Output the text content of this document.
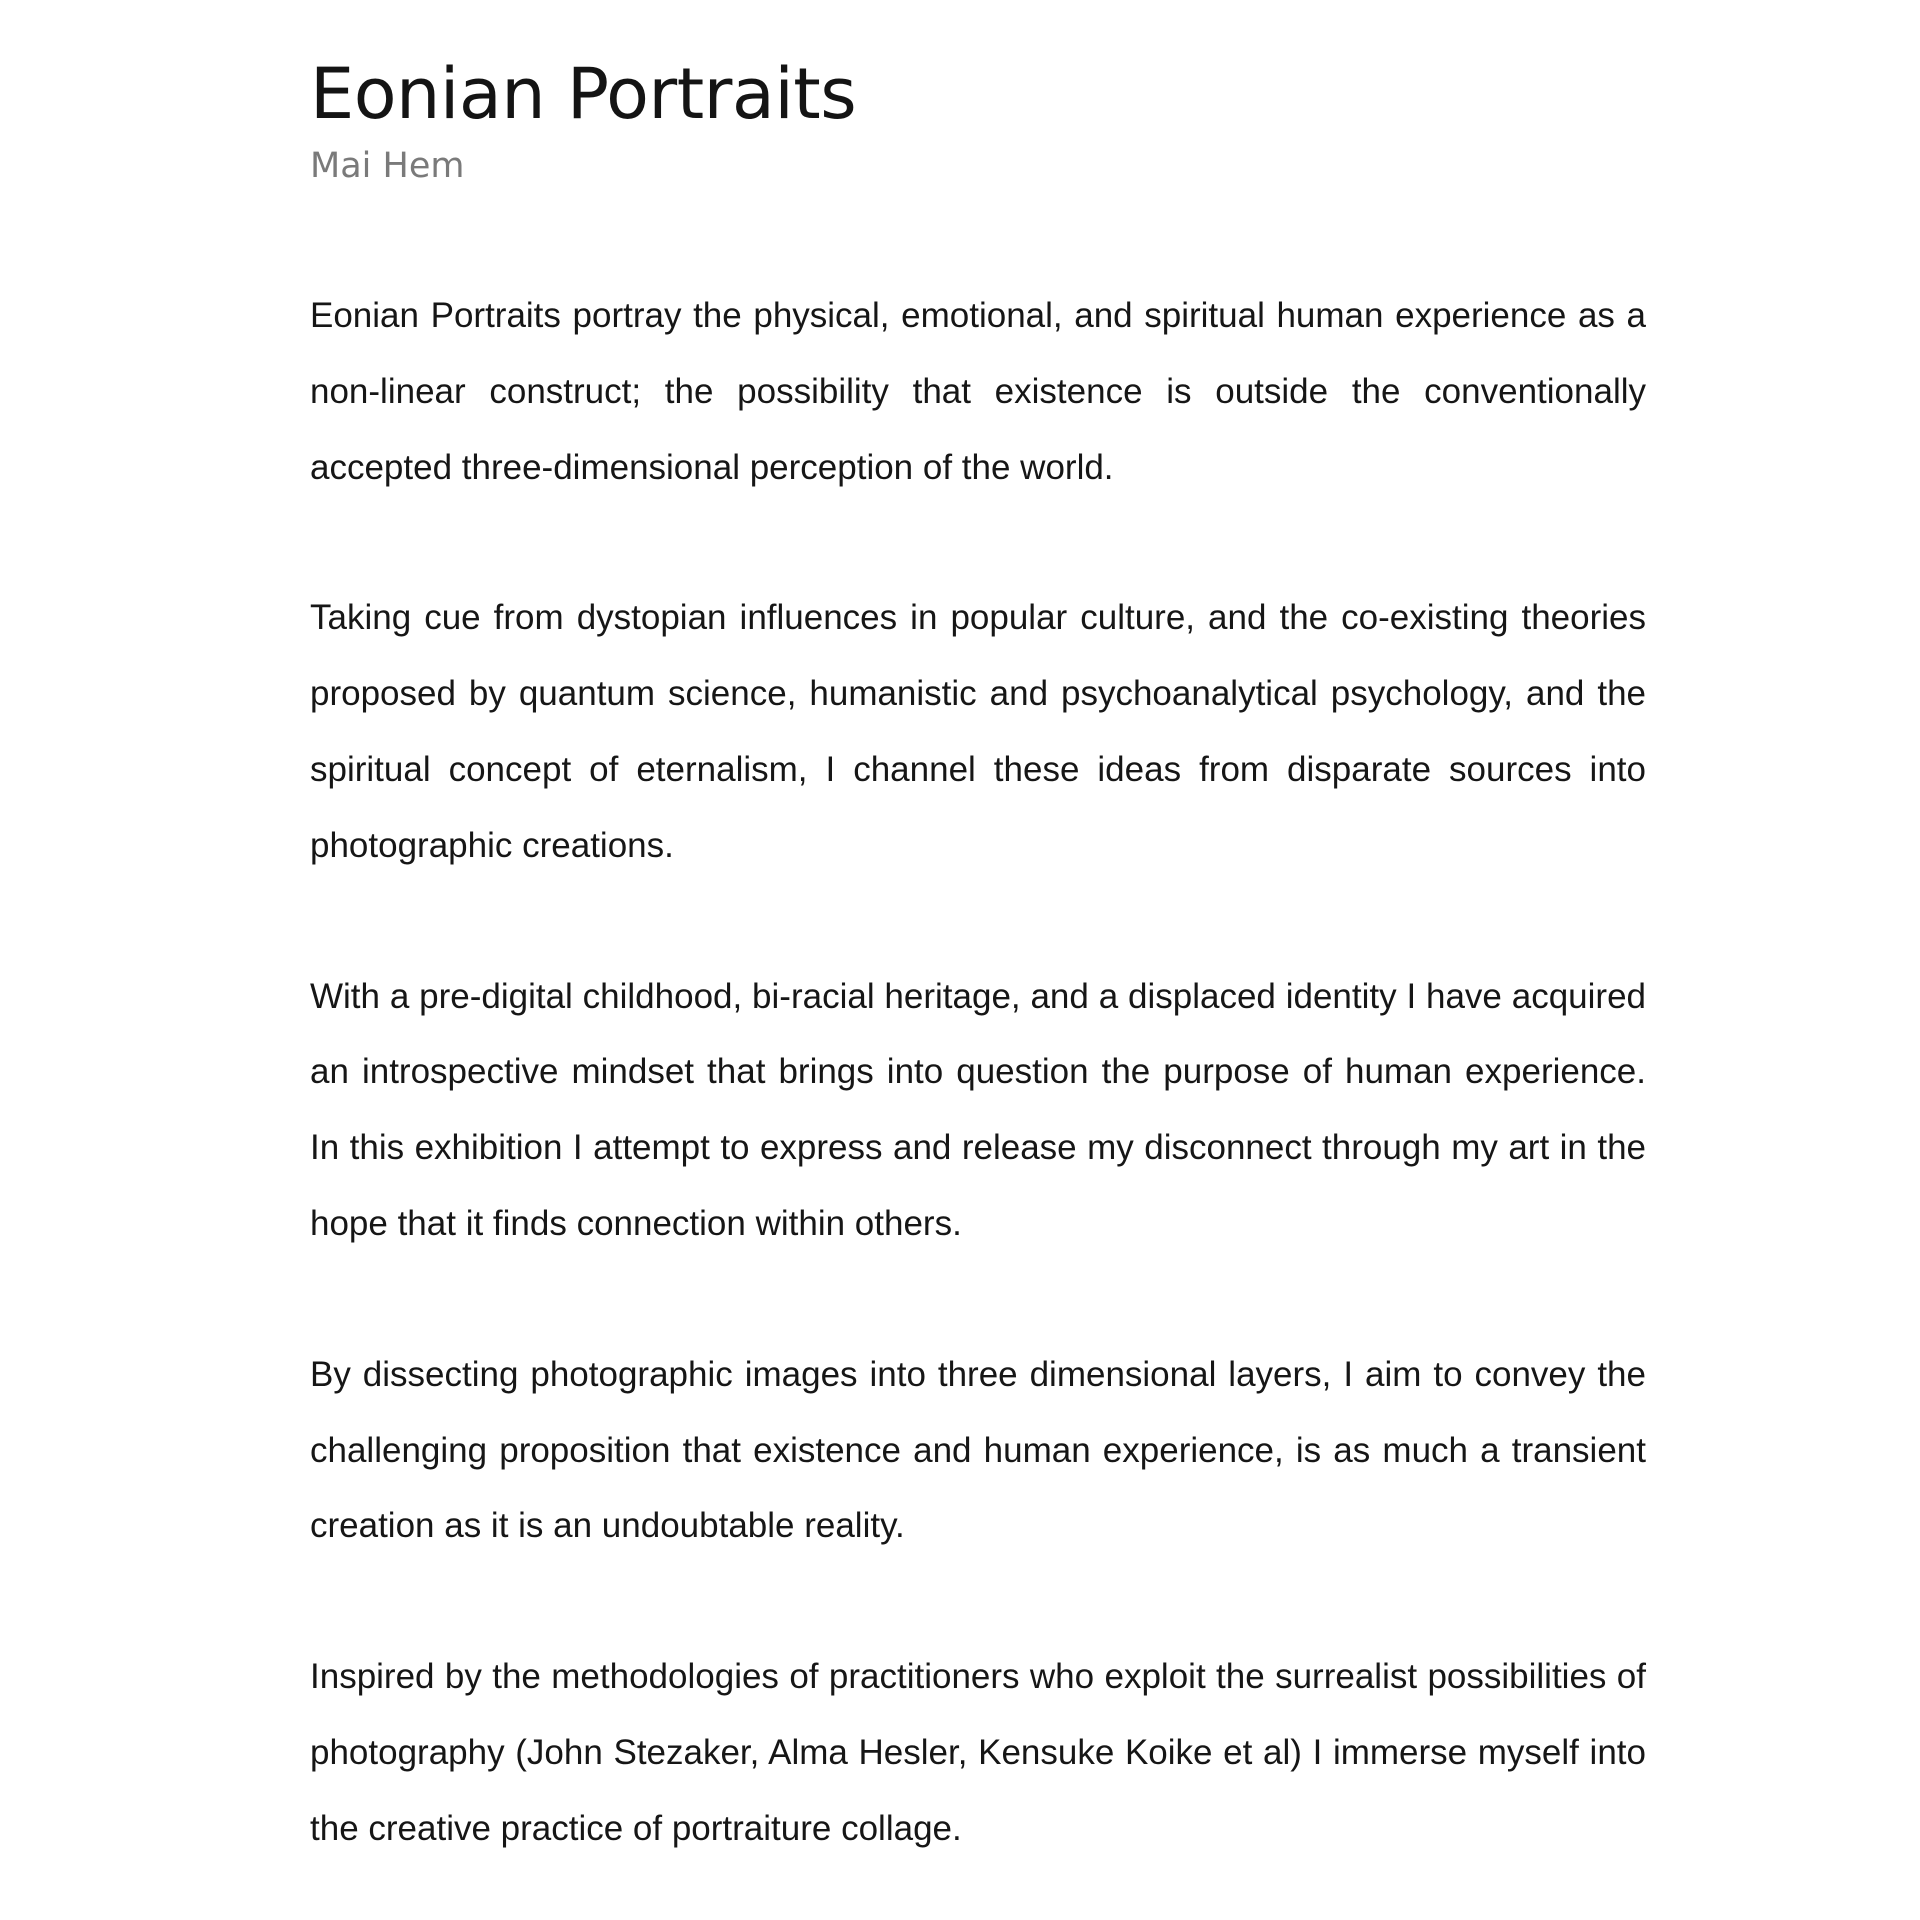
Eonian Portraits
Mai Hem

Eonian Portraits portray the physical, emotional, and spiritual human experience as a non-linear construct; the possibility that existence is outside the conventionally accepted three-dimensional perception of the world.

Taking cue from dystopian influences in popular culture, and the co-existing theories proposed by quantum science, humanistic and psychoanalytical psychology, and the spiritual concept of eternalism, I channel these ideas from disparate sources into photographic creations.

With a pre-digital childhood, bi-racial heritage, and a displaced identity I have acquired an introspective mindset that brings into question the purpose of human experience. In this exhibition I attempt to express and release my disconnect through my art in the hope that it finds connection within others.

By dissecting photographic images into three dimensional layers, I aim to convey the challenging proposition that existence and human experience, is as much a transient creation as it is an undoubtable reality.

Inspired by the methodologies of practitioners who exploit the surrealist possibilities of photography (John Stezaker, Alma Hesler, Kensuke Koike et al) I immerse myself into the creative practice of portraiture collage.
